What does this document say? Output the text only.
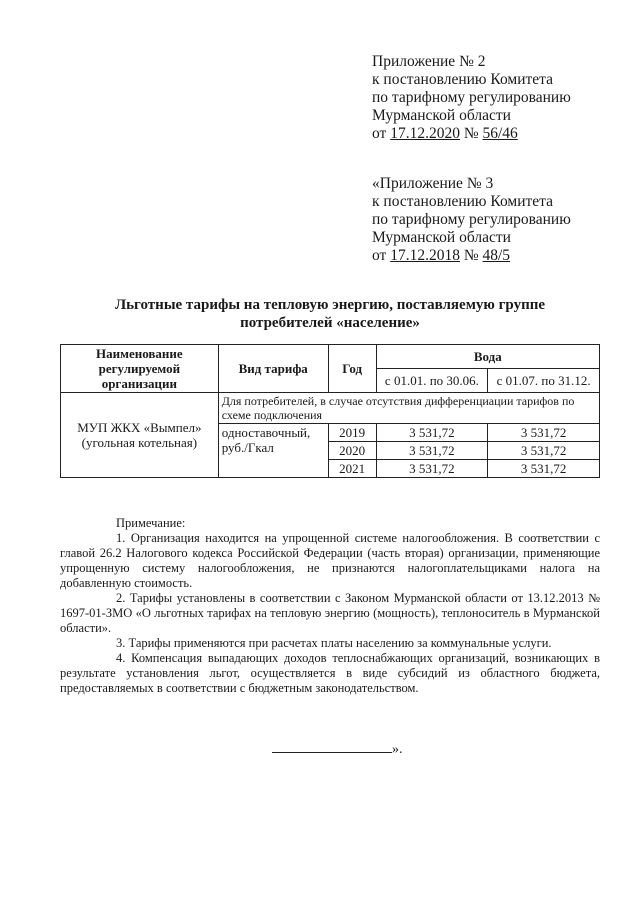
Приложение № 2
к постановлению Комитета
по тарифному регулированию
Мурманской области
от 17.12.2020 № 56/46
«Приложение № 3
к постановлению Комитета
по тарифному регулированию
Мурманской области
от 17.12.2018 № 48/5
Льготные тарифы на тепловую энергию, поставляемую группе
потребителей «население»
Наименование регулируемой организации	Вид тарифа	Год	Вода	
			с 01.01. по 30.06.	с 01.07. по 31.12.
МУП ЖКХ «Вымпел» (угольная котельная)	Для потребителей, в случае отсутствия дифференциации тарифов по схеме подключения			
	одноставочный, руб./Гкал	2019	3 531,72	3 531,72
		2020	3 531,72	3 531,72
		2021	3 531,72	3 531,72
Примечание:

1. Организация находится на упрощенной системе налогообложения. В соответствии с главой 26.2 Налогового кодекса Российской Федерации (часть вторая) организации, применяющие упрощенную систему налогообложения, не признаются налогоплательщиками налога на добавленную стоимость.

2. Тарифы установлены в соответствии с Законом Мурманской области от 13.12.2013 № 1697-01-ЗМО «О льготных тарифах на тепловую энергию (мощность), теплоноситель в Мурманской области».

3. Тарифы применяются при расчетах платы населению за коммунальные услуги.

4. Компенсация выпадающих доходов теплоснабжающих организаций, возникающих в результате установления льгот, осуществляется в виде субсидий из областного бюджета, предоставляемых в соответствии с бюджетным законодательством.

».
